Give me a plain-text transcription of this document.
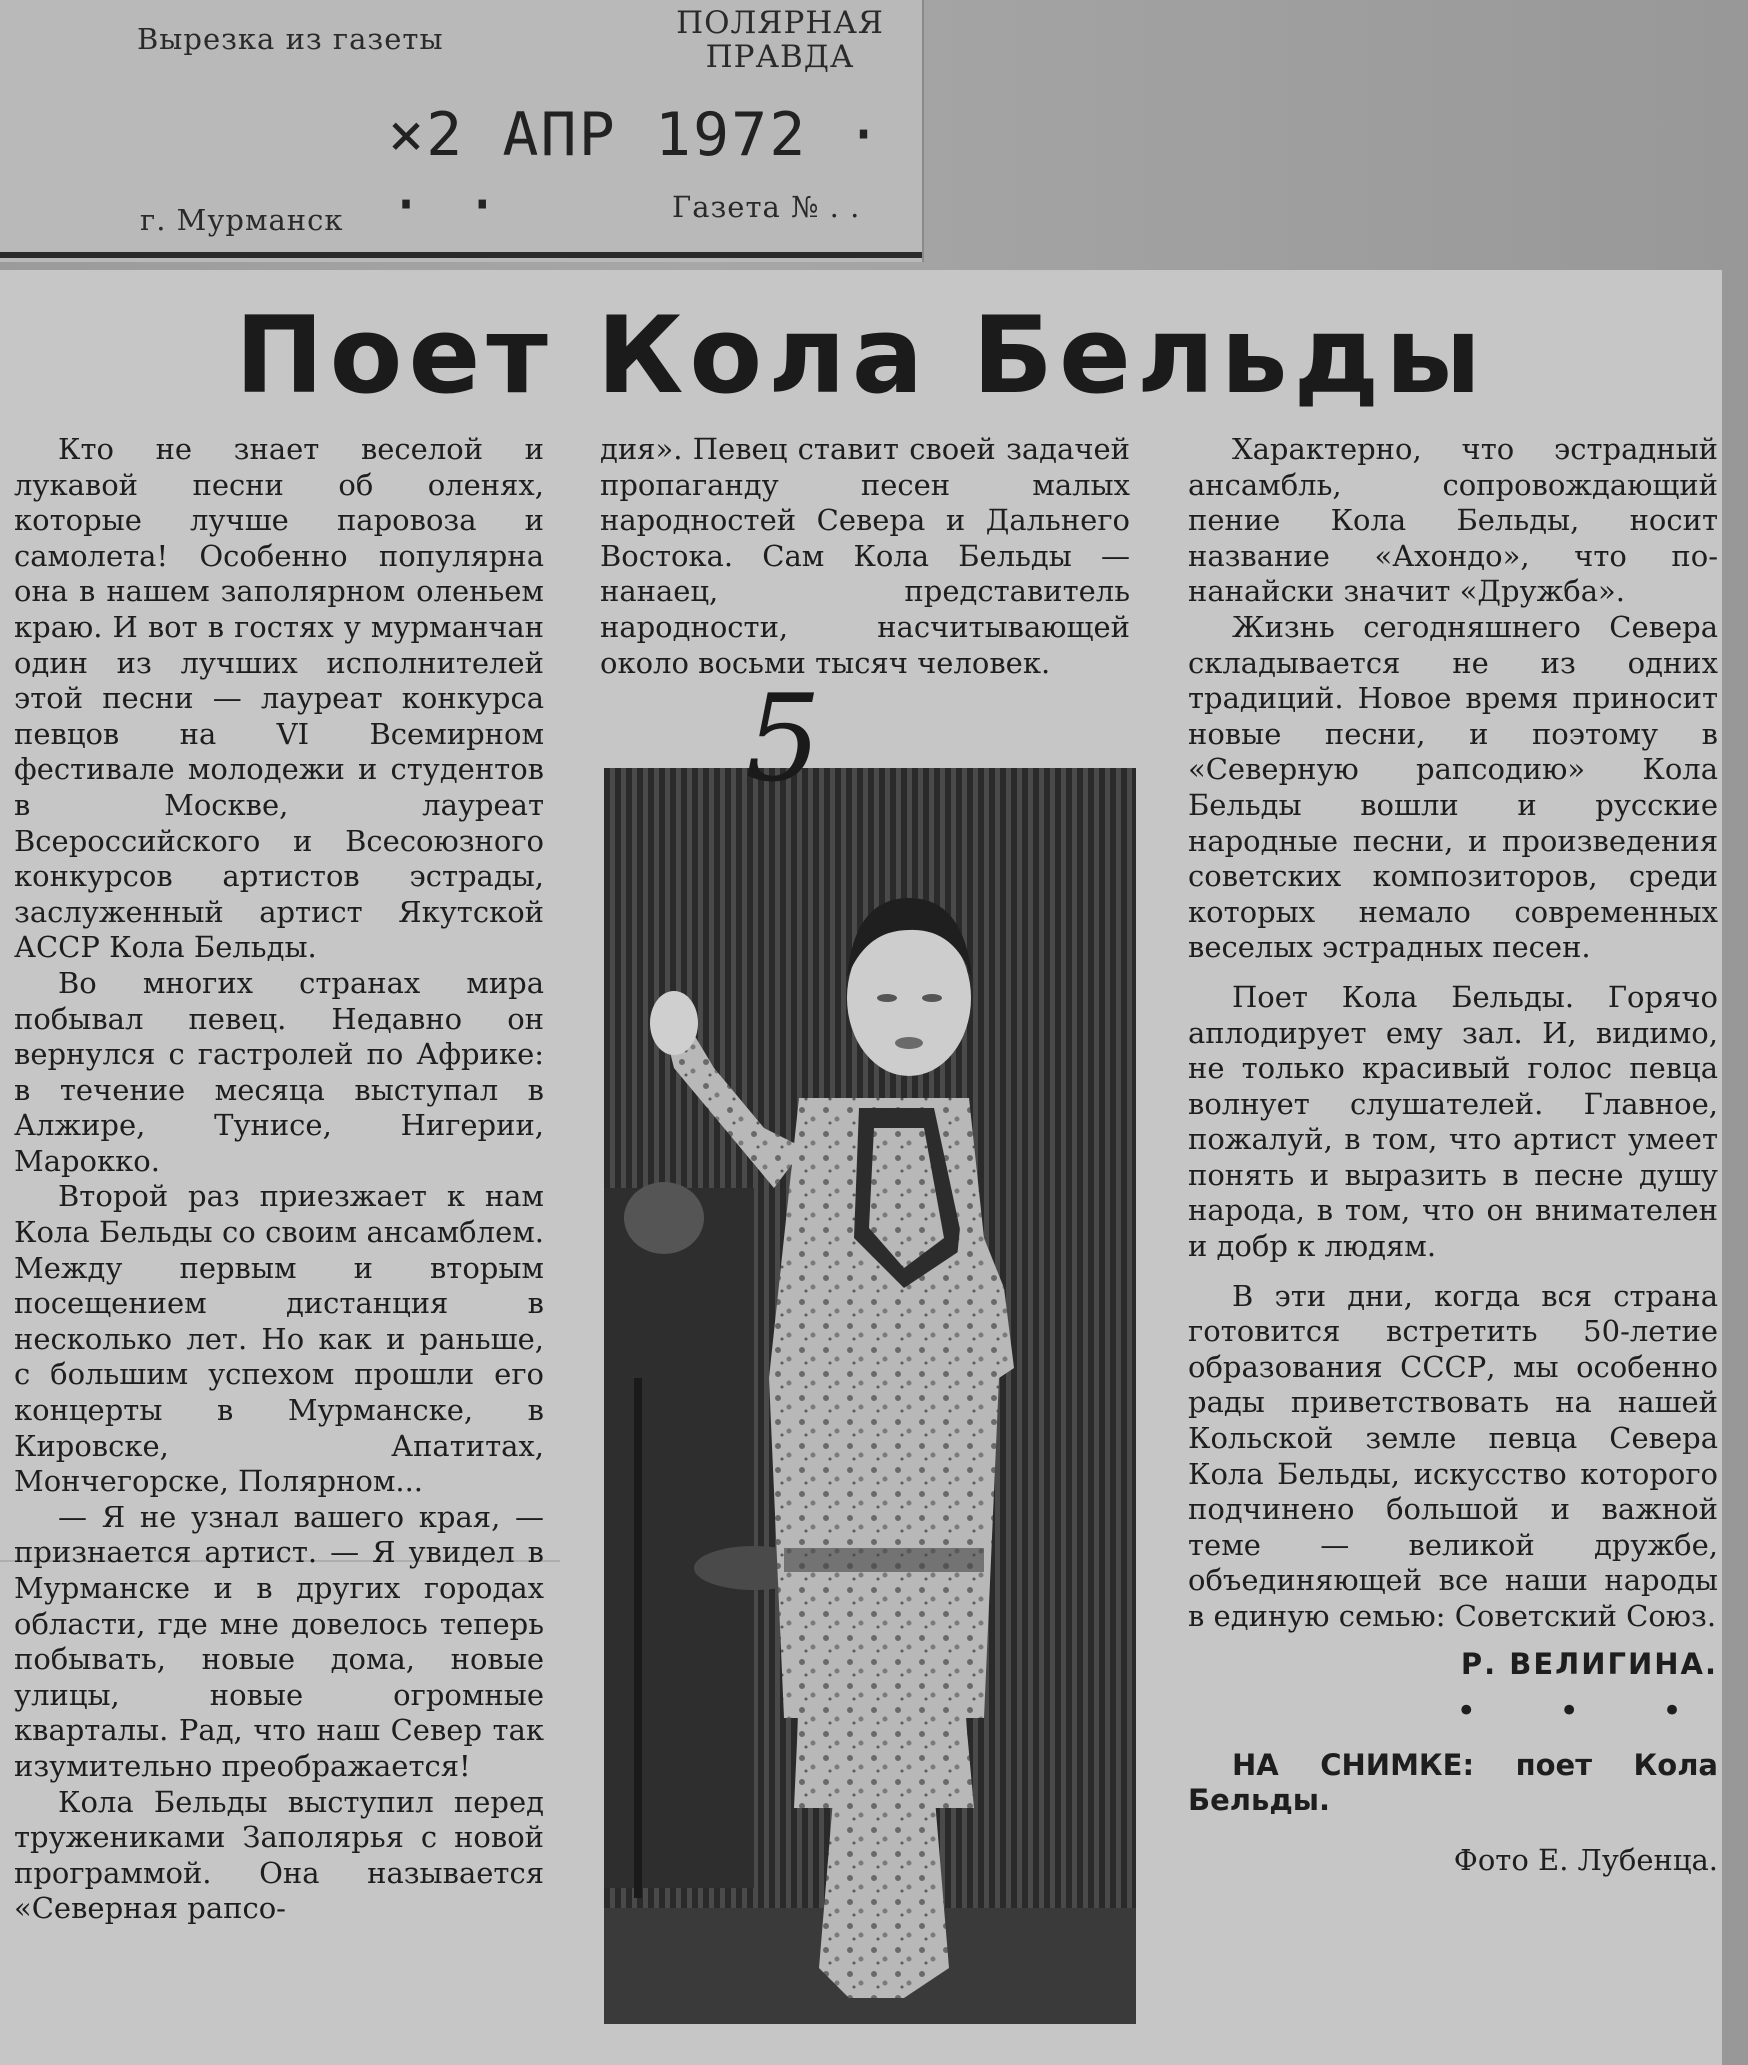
Вырезка из газеты	ПОЛЯРНАЯ
ПРАВДА
×2 АПР 1972 · · ·
г. Мурманск	Газета № . .
Поет Кола Бельды

Кто не знает веселой и лукавой песни об оленях, которые лучше паровоза и самолета! Особенно популярна она в нашем заполярном оленьем краю. И вот в гостях у мурманчан один из лучших исполнителей этой песни — лауреат конкурса певцов на VI Всемирном фестивале молодежи и студентов в Москве, лауреат Всероссийского и Всесоюзного конкурсов артистов эстрады, заслуженный артист Якутской АССР Кола Бельды.

Во многих странах мира побывал певец. Недавно он вернулся с гастролей по Африке: в течение месяца выступал в Алжире, Тунисе, Нигерии, Марокко.

Второй раз приезжает к нам Кола Бельды со своим ансамблем. Между первым и вторым посещением дистанция в несколько лет. Но как и раньше, с большим успехом прошли его концерты в Мурманске, в Кировске, Апатитах, Мончегорске, Полярном...

— Я не узнал вашего края, — признается артист. — Я увидел в Мурманске и в других городах области, где мне довелось теперь побывать, новые дома, новые улицы, новые огромные кварталы. Рад, что наш Север так изумительно преображается!

Кола Бельды выступил перед тружениками Заполярья с новой программой. Она называется «Северная рапсо-

дия». Певец ставит своей задачей пропаганду песен малых народностей Севера и Дальнего Востока. Сам Кола Бельды — нанаец, представитель народности, насчитывающей около восьми тысяч человек.

5

Характерно, что эстрадный ансамбль, сопровождающий пение Кола Бельды, носит название «Ахондо», что по-нанайски значит «Дружба».

Жизнь сегодняшнего Севера складывается не из одних традиций. Новое время приносит новые песни, и поэтому в «Северную рапсодию» Кола Бельды вошли и русские народные песни, и произведения советских композиторов, среди которых немало современных веселых эстрадных песен.

Поет Кола Бельды. Горячо аплодирует ему зал. И, видимо, не только красивый голос певца волнует слушателей. Главное, пожалуй, в том, что артист умеет понять и выразить в песне душу народа, в том, что он внимателен и добр к людям.

В эти дни, когда вся страна готовится встретить 50-летие образования СССР, мы особенно рады приветствовать на нашей Кольской земле певца Севера Кола Бельды, искусство которого подчинено большой и важной теме — великой дружбе, объединяющей все наши народы в единую семью: Советский Союз.

Р. ВЕЛИГИНА.

• • •

НА СНИМКЕ: поет Кола Бельды.

Фото Е. Лубенца.
